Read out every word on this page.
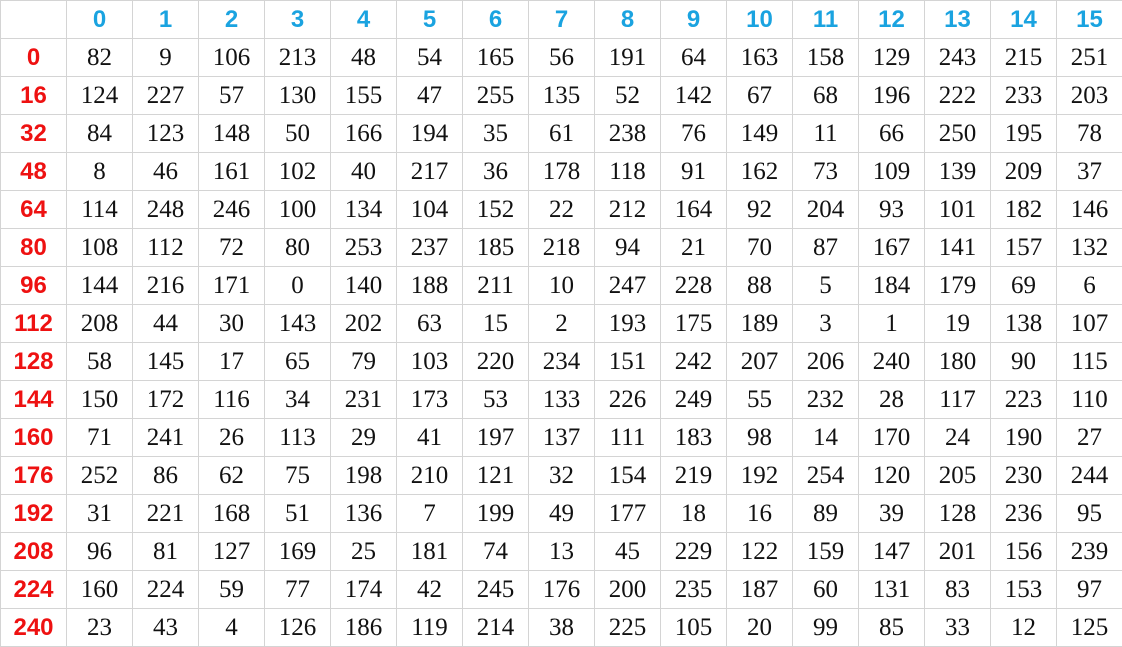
	0	1	2	3	4	5	6	7	8	9	10	11	12	13	14	15
0	82	9	106	213	48	54	165	56	191	64	163	158	129	243	215	251
16	124	227	57	130	155	47	255	135	52	142	67	68	196	222	233	203
32	84	123	148	50	166	194	35	61	238	76	149	11	66	250	195	78
48	8	46	161	102	40	217	36	178	118	91	162	73	109	139	209	37
64	114	248	246	100	134	104	152	22	212	164	92	204	93	101	182	146
80	108	112	72	80	253	237	185	218	94	21	70	87	167	141	157	132
96	144	216	171	0	140	188	211	10	247	228	88	5	184	179	69	6
112	208	44	30	143	202	63	15	2	193	175	189	3	1	19	138	107
128	58	145	17	65	79	103	220	234	151	242	207	206	240	180	90	115
144	150	172	116	34	231	173	53	133	226	249	55	232	28	117	223	110
160	71	241	26	113	29	41	197	137	111	183	98	14	170	24	190	27
176	252	86	62	75	198	210	121	32	154	219	192	254	120	205	230	244
192	31	221	168	51	136	7	199	49	177	18	16	89	39	128	236	95
208	96	81	127	169	25	181	74	13	45	229	122	159	147	201	156	239
224	160	224	59	77	174	42	245	176	200	235	187	60	131	83	153	97
240	23	43	4	126	186	119	214	38	225	105	20	99	85	33	12	125
